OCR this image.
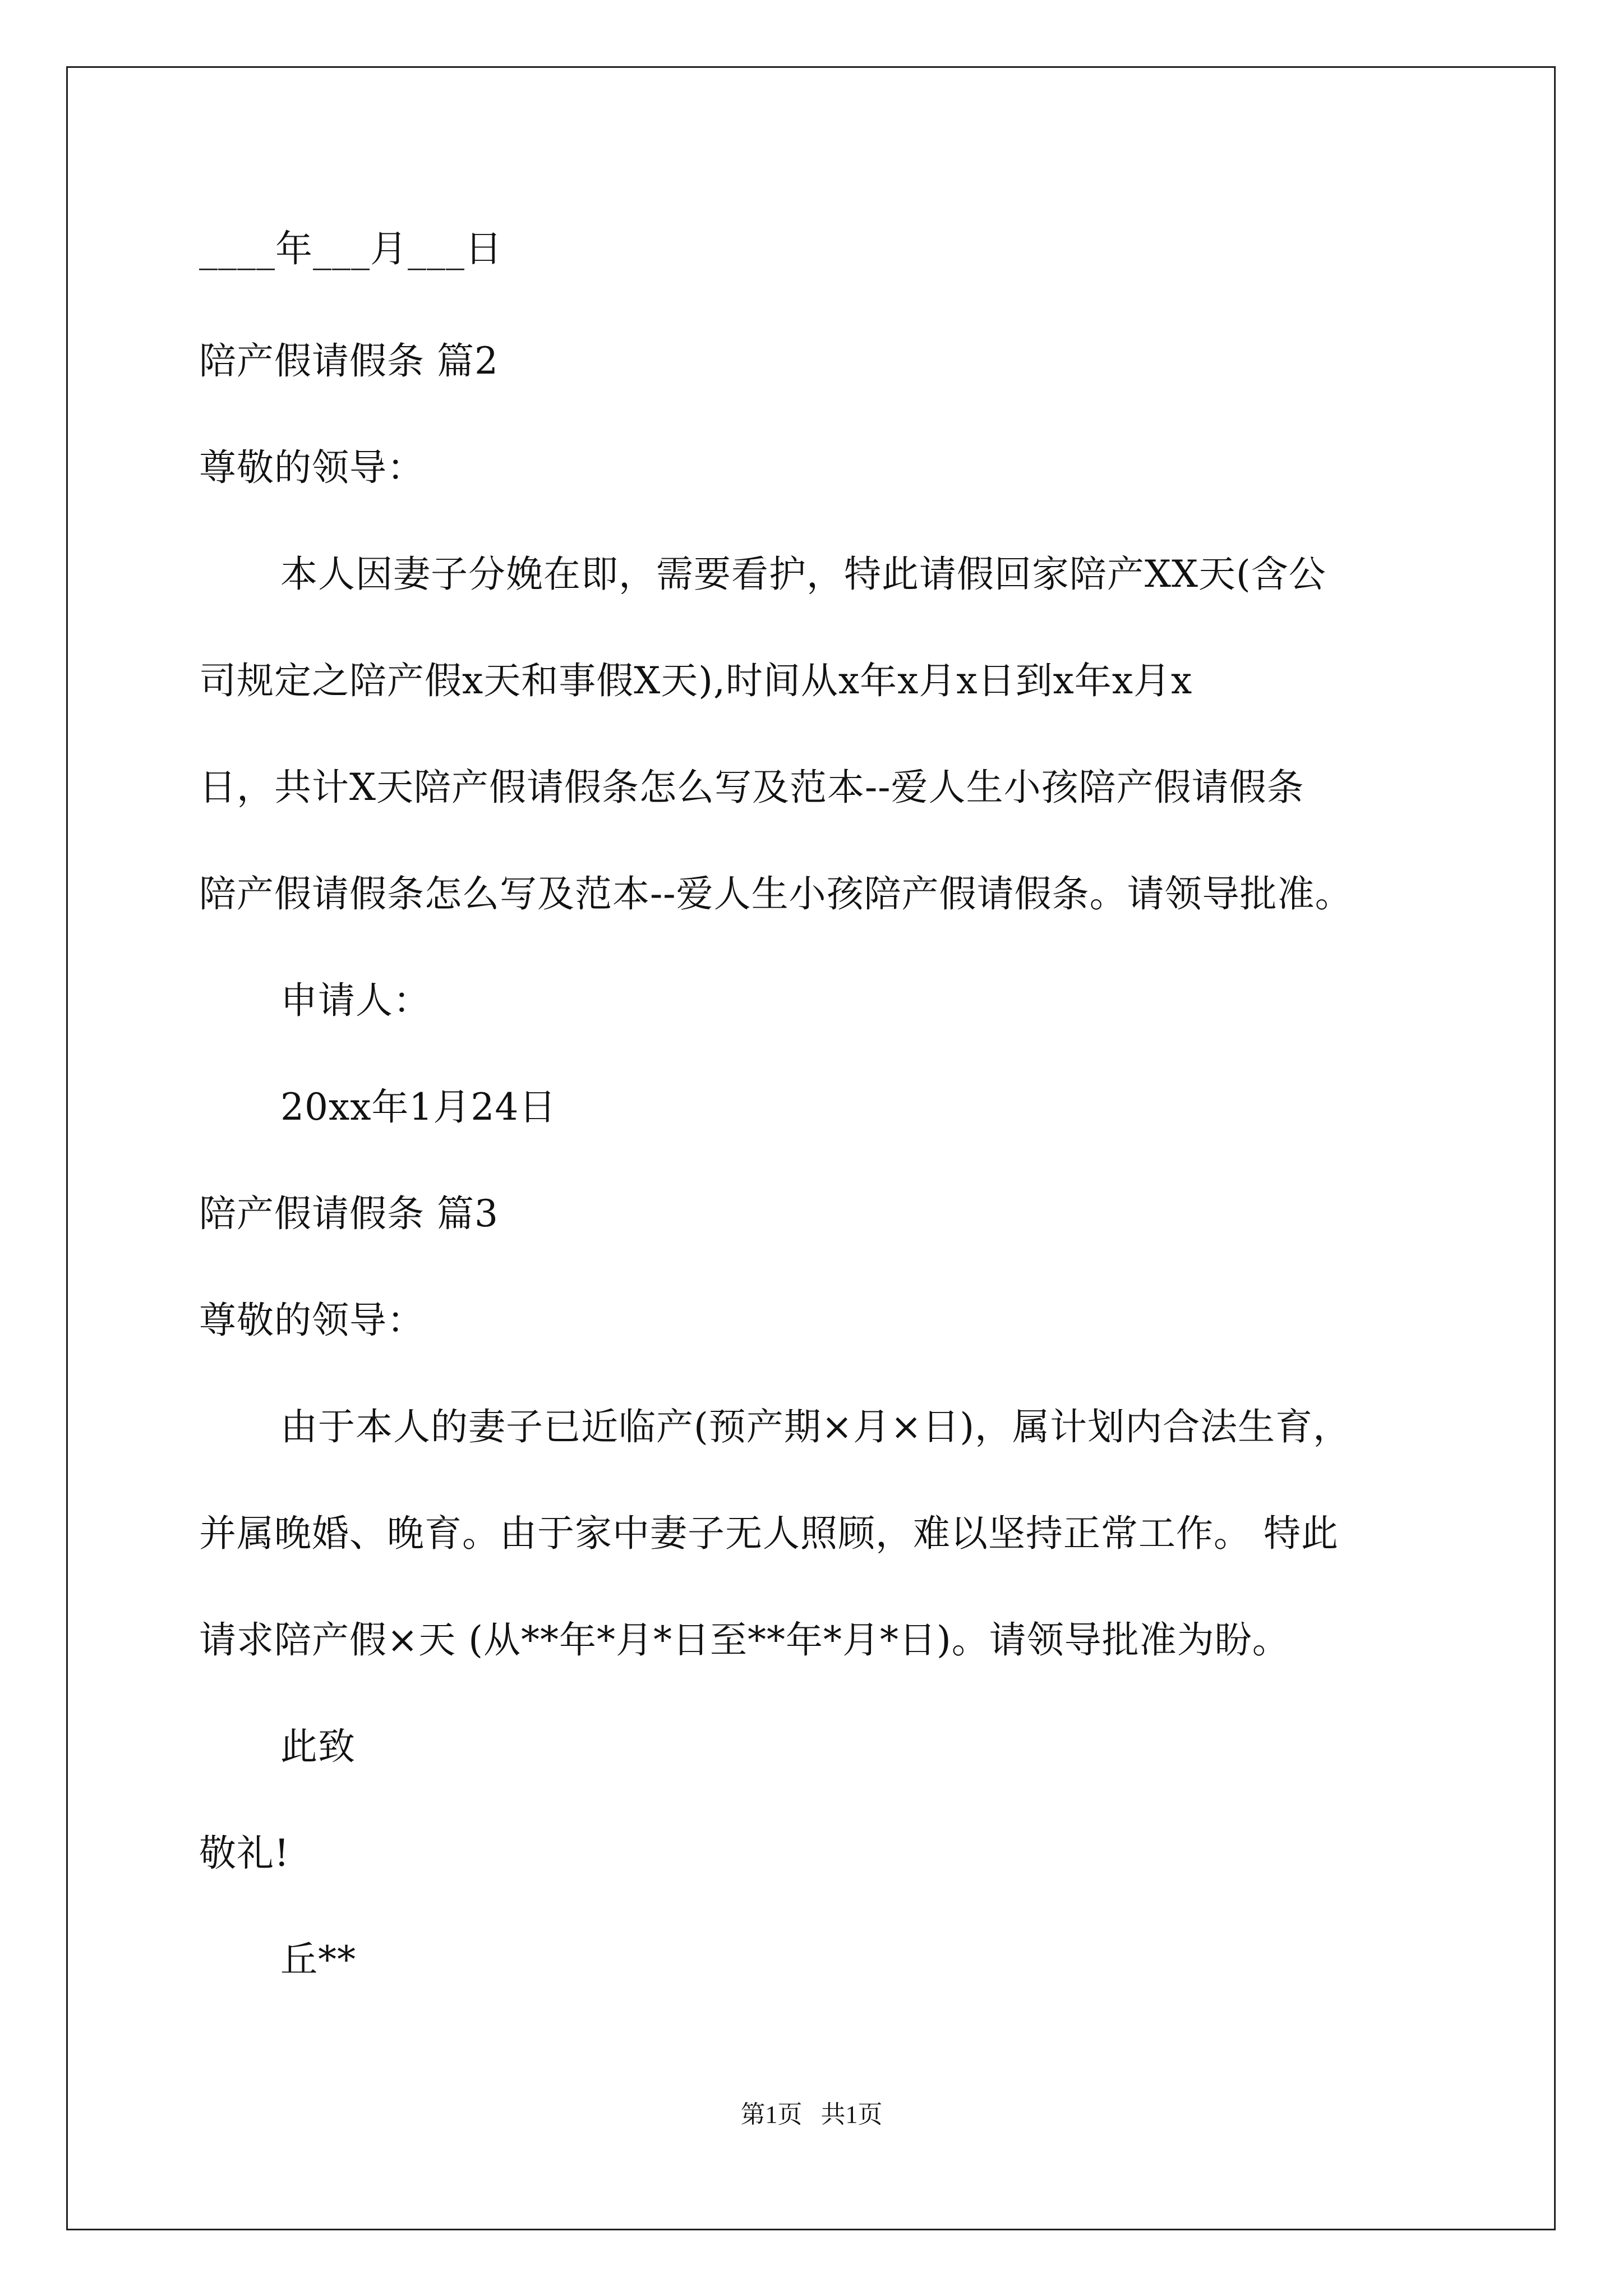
____年___月___日
陪产假请假条 篇2
尊敬的领导：
本人因妻子分娩在即，需要看护，特此请假回家陪产XX天(含公
司规定之陪产假x天和事假X天),时间从x年x月x日到x年x月x
日，共计X天陪产假请假条怎么写及范本--爱人生小孩陪产假请假条
陪产假请假条怎么写及范本--爱人生小孩陪产假请假条。请领导批准。
申请人：
20xx年1月24日
陪产假请假条 篇3
尊敬的领导：
由于本人的妻子已近临产(预产期×月×日)，属计划内合法生育，
并属晚婚、晚育。由于家中妻子无人照顾，难以坚持正常工作。 特此
请求陪产假×天 (从**年*月*日至**年*月*日)。请领导批准为盼。
此致
敬礼!
丘**
第1页   共1页
